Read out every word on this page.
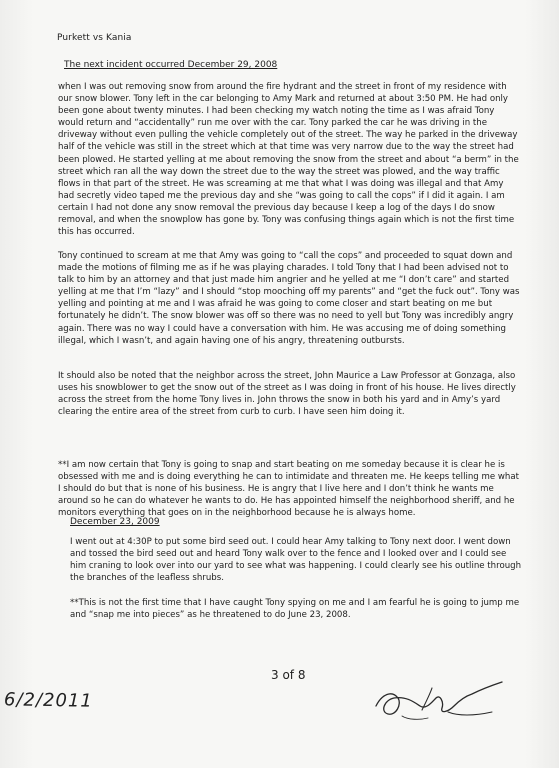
Purkett vs Kania
The next incident occurred December 29, 2008

when I was out removing snow from around the fire hydrant and the street in front of my residence with our snow blower. Tony left in the car belonging to Amy Mark and returned at about 3:50 PM. He had only been gone about twenty minutes. I had been checking my watch noting the time as I was afraid Tony would return and “accidentally” run me over with the car. Tony parked the car he was driving in the driveway without even pulling the vehicle completely out of the street. The way he parked in the driveway half of the vehicle was still in the street which at that time was very narrow due to the way the street had been plowed. He started yelling at me about removing the snow from the street and about “a berm” in the street which ran all the way down the street due to the way the street was plowed, and the way traffic flows in that part of the street. He was screaming at me that what I was doing was illegal and that Amy had secretly video taped me the previous day and she “was going to call the cops” if I did it again. I am certain I had not done any snow removal the previous day because I keep a log of the days I do snow removal, and when the snowplow has gone by. Tony was confusing things again which is not the first time this has occurred.

Tony continued to scream at me that Amy was going to “call the cops” and proceeded to squat down and made the motions of filming me as if he was playing charades. I told Tony that I had been advised not to talk to him by an attorney and that just made him angrier and he yelled at me “I don’t care” and started yelling at me that I’m “lazy” and I should “stop mooching off my parents” and “get the fuck out”. Tony was yelling and pointing at me and I was afraid he was going to come closer and start beating on me but fortunately he didn’t. The snow blower was off so there was no need to yell but Tony was incredibly angry again. There was no way I could have a conversation with him. He was accusing me of doing something illegal, which I wasn’t, and again having one of his angry, threatening outbursts.

It should also be noted that the neighbor across the street, John Maurice a Law Professor at Gonzaga, also uses his snowblower to get the snow out of the street as I was doing in front of his house. He lives directly across the street from the home Tony lives in. John throws the snow in both his yard and in Amy’s yard clearing the entire area of the street from curb to curb. I have seen him doing it.

**I am now certain that Tony is going to snap and start beating on me someday because it is clear he is obsessed with me and is doing everything he can to intimidate and threaten me. He keeps telling me what I should do but that is none of his business. He is angry that I live here and I don’t think he wants me around so he can do whatever he wants to do. He has appointed himself the neighborhood sheriff, and he monitors everything that goes on in the neighborhood because he is always home.

December 23, 2009

I went out at 4:30P to put some bird seed out. I could hear Amy talking to Tony next door. I went down and tossed the bird seed out and heard Tony walk over to the fence and I looked over and I could see him craning to look over into our yard to see what was happening. I could clearly see his outline through the branches of the leafless shrubs.

**This is not the first time that I have caught Tony spying on me and I am fearful he is going to jump me and “snap me into pieces” as he threatened to do June 23, 2008.

3 of 8
6/2/2011
